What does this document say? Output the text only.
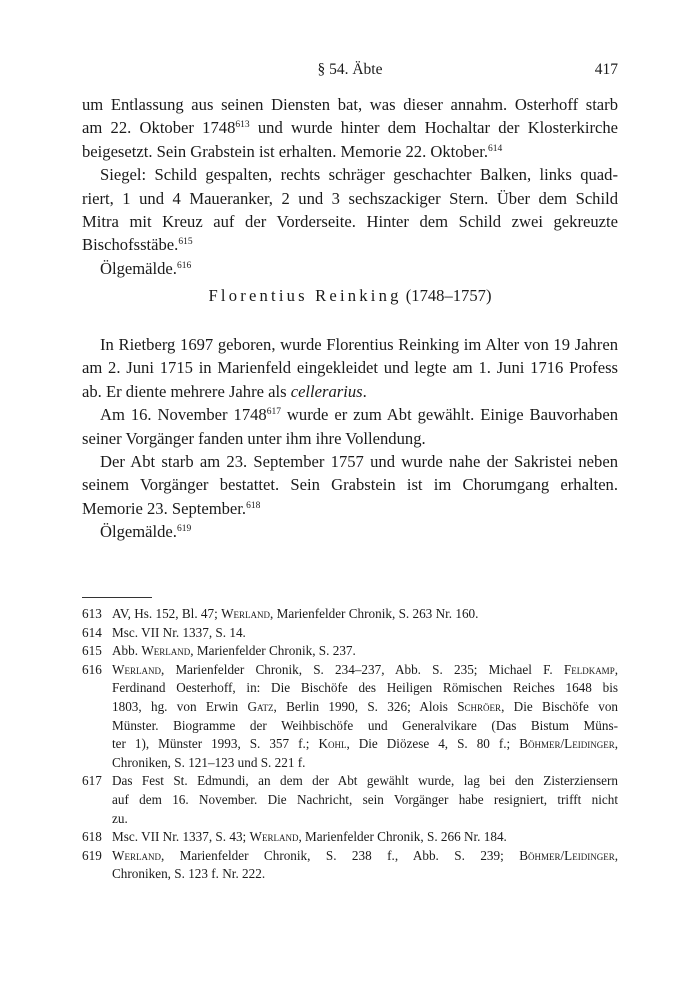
§ 54. Äbte	417
um Entlassung aus seinen Diensten bat, was dieser annahm. Osterhoff starb
am 22. Oktober 1748$^{613}$ und wurde hinter dem Hochaltar der Klosterkirche
beigesetzt. Sein Grabstein ist erhalten. Memorie 22. Oktober.$^{614}$
Siegel: Schild gespalten, rechts schräger geschachter Balken, links quad-
riert, 1 und 4 Maueranker, 2 und 3 sechszackiger Stern. Über dem Schild
Mitra mit Kreuz auf der Vorderseite. Hinter dem Schild zwei gekreuzte
Bischofsstäbe.$^{615}$
Ölgemälde.$^{616}$
Florentius Reinking (1748–1757)
In Rietberg 1697 geboren, wurde Florentius Reinking im Alter von 19 Jahren
am 2. Juni 1715 in Marienfeld eingekleidet und legte am 1. Juni 1716 Profess
ab. Er diente mehrere Jahre als cellerarius.
Am 16. November 1748$^{617}$ wurde er zum Abt gewählt. Einige Bauvorhaben
seiner Vorgänger fanden unter ihm ihre Vollendung.
Der Abt starb am 23. September 1757 und wurde nahe der Sakristei neben
seinem Vorgänger bestattet. Sein Grabstein ist im Chorumgang erhalten.
Memorie 23. September.$^{618}$
Ölgemälde.$^{619}$
613 AV, Hs. 152, Bl. 47; Werland, Marienfelder Chronik, S. 263 Nr. 160.
614 Msc. VII Nr. 1337, S. 14.
615 Abb. Werland, Marienfelder Chronik, S. 237.
616 Werland, Marienfelder Chronik, S. 234–237, Abb. S. 235; Michael F. Feldkamp,
Ferdinand Oesterhoff, in: Die Bischöfe des Heiligen Römischen Reiches 1648 bis
1803, hg. von Erwin Gatz, Berlin 1990, S. 326; Alois Schröer, Die Bischöfe von
Münster. Biogramme der Weihbischöfe und Generalvikare (Das Bistum Müns-
ter 1), Münster 1993, S. 357 f.; Kohl, Die Diözese 4, S. 80 f.; Böhmer/Leidinger,
Chroniken, S. 121–123 und S. 221 f.
617 Das Fest St. Edmundi, an dem der Abt gewählt wurde, lag bei den Zisterziensern
auf dem 16. November. Die Nachricht, sein Vorgänger habe resigniert, trifft nicht
zu.
618 Msc. VII Nr. 1337, S. 43; Werland, Marienfelder Chronik, S. 266 Nr. 184.
619 Werland, Marienfelder Chronik, S. 238 f., Abb. S. 239; Böhmer/Leidinger,
Chroniken, S. 123 f. Nr. 222.
